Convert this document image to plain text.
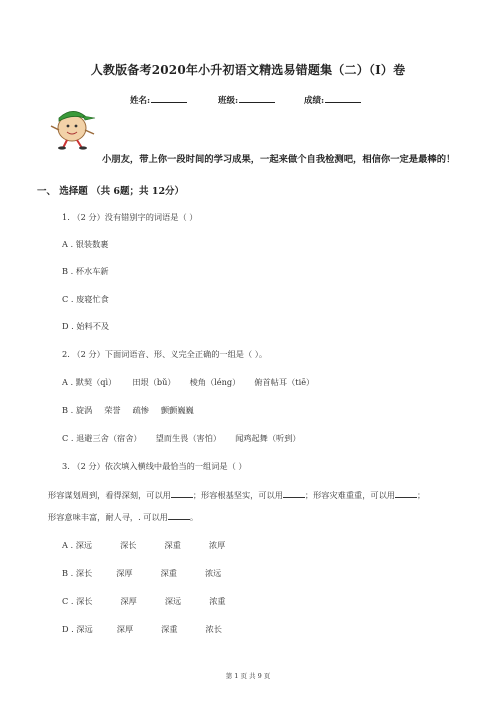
人教版备考2020年小升初语文精选易错题集（二）（I）卷
姓名:	班级:	成绩:
小朋友，带上你一段时间的学习成果，一起来做个自我检测吧，相信你一定是最棒的！
一、 选择题 （共 6题；共 12分）
1. （2 分）没有错别字的词语是（ ）
A . 银装数裹
B . 杯水车新
C . 废寝忙食
D . 始料不及
2. （2 分）下面词语音、形、义完全正确的一组是（ ）。
A . 默契（qì） 田垠（bǔ） 棱角（léng） 俯首帖耳（tiē）
B . 旋涡 荣誉 疏惨 颤颤巍巍
C . 退避三舍（宿舍） 望而生畏（害怕） 闻鸡起舞（听到）
3. （2 分）依次填入横线中最恰当的一组词是（ ）
形容谋划周到，看得深刻，可以用	；形容根基坚实，可以用	；形容灾难重重，可以用	；
形容意味丰富，耐人寻，. 可以用	。
A . 深远	深长	深重	浓厚
B . 深长	深厚	深重	浓远
C . 深长	深厚	深远	浓重
D . 深远	深厚	深重	浓长
第 1 页 共 9 页
